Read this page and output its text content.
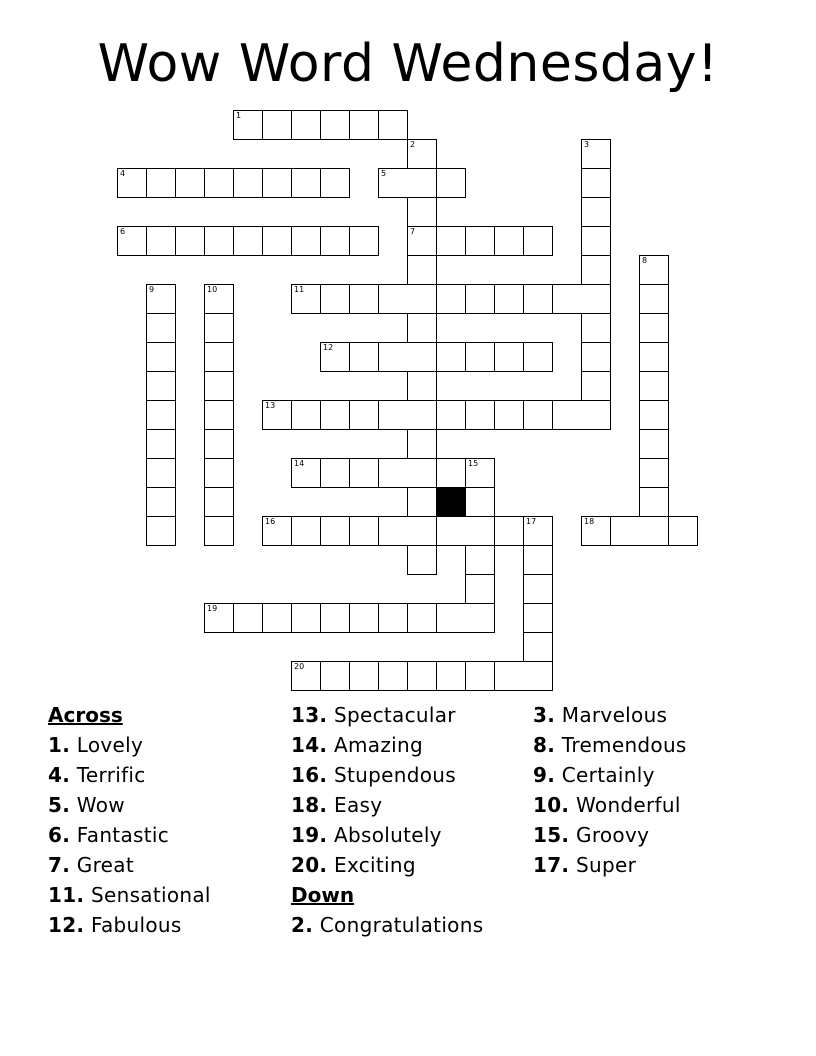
Wow Word Wednesday!
1
2
7
3
4	5
6
8
9	10	11
12
13
14	15
16	17	18
19
20
Across
1. Lovely
4. Terrific
5. Wow
6. Fantastic
7. Great
11. Sensational
12. Fabulous
13. Spectacular
14. Amazing
16. Stupendous
18. Easy
19. Absolutely
20. Exciting
Down
2. Congratulations
3. Marvelous
8. Tremendous
9. Certainly
10. Wonderful
15. Groovy
17. Super
